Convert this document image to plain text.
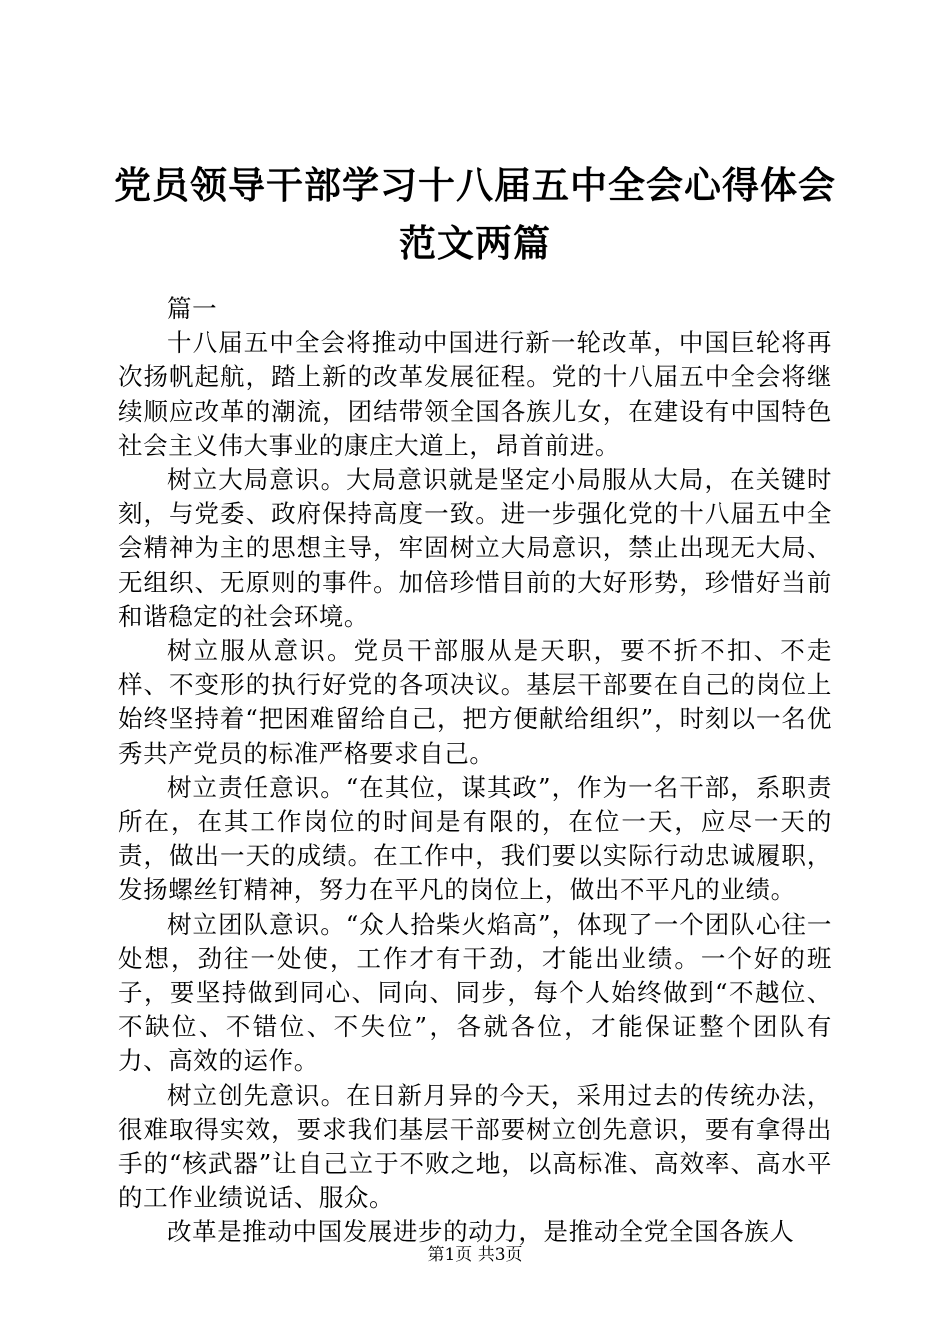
党员领导干部学习十八届五中全会心得体会范文两篇

篇一

十八届五中全会将推动中国进行新一轮改革，中国巨轮将再次扬帆起航，踏上新的改革发展征程。党的十八届五中全会将继续顺应改革的潮流，团结带领全国各族儿女，在建设有中国特色社会主义伟大事业的康庄大道上，昂首前进。

树立大局意识。大局意识就是坚定小局服从大局，在关键时刻，与党委、政府保持高度一致。进一步强化党的十八届五中全会精神为主的思想主导，牢固树立大局意识，禁止出现无大局、无组织、无原则的事件。加倍珍惜目前的大好形势，珍惜好当前和谐稳定的社会环境。

树立服从意识。党员干部服从是天职，要不折不扣、不走样、不变形的执行好党的各项决议。基层干部要在自己的岗位上始终坚持着“把困难留给自己，把方便献给组织”，时刻以一名优秀共产党员的标准严格要求自己。

树立责任意识。“在其位，谋其政”，作为一名干部，系职责所在，在其工作岗位的时间是有限的，在位一天，应尽一天的责，做出一天的成绩。在工作中，我们要以实际行动忠诚履职，发扬螺丝钉精神，努力在平凡的岗位上，做出不平凡的业绩。

树立团队意识。“众人拾柴火焰高”，体现了一个团队心往一处想，劲往一处使，工作才有干劲，才能出业绩。一个好的班子，要坚持做到同心、同向、同步，每个人始终做到“不越位、不缺位、不错位、不失位”，各就各位，才能保证整个团队有力、高效的运作。

树立创先意识。在日新月异的今天，采用过去的传统办法，很难取得实效，要求我们基层干部要树立创先意识，要有拿得出手的“核武器”让自己立于不败之地，以高标准、高效率、高水平的工作业绩说话、服众。

改革是推动中国发展进步的动力，是推动全党全国各族人

第1页 共3页
